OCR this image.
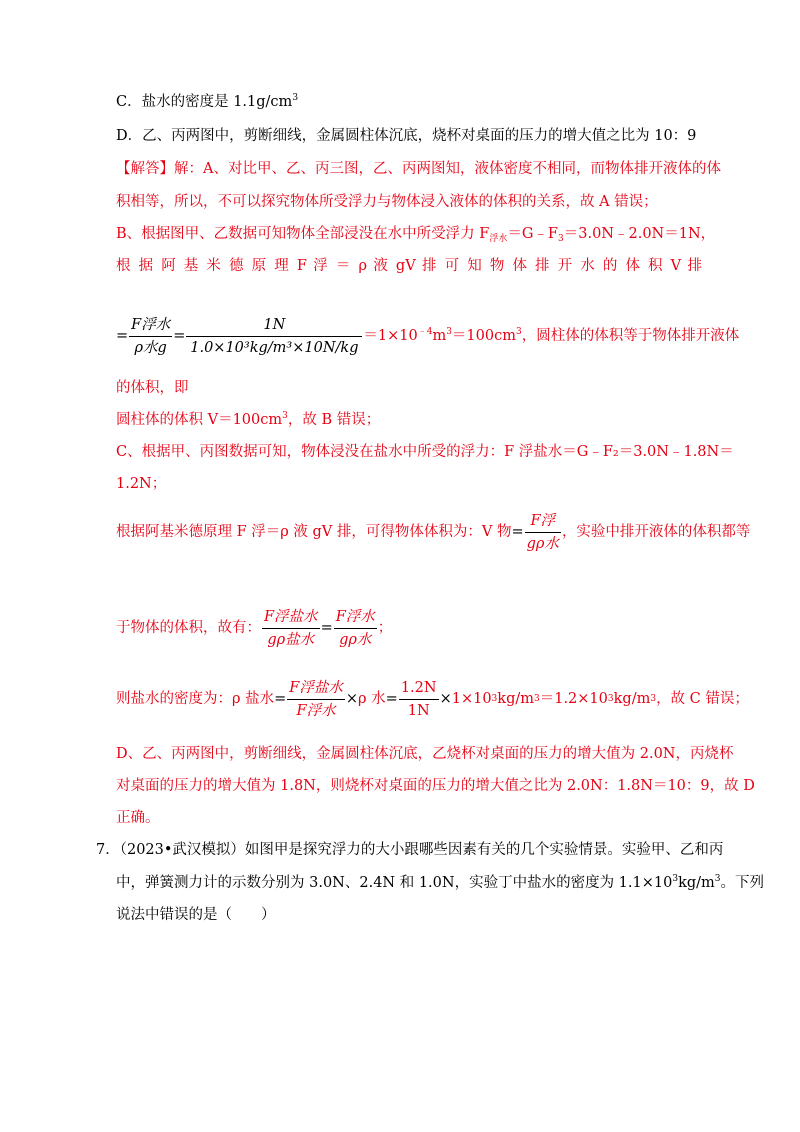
C．盐水的密度是 $1.1g/cm^3$
D．乙、丙两图中，剪断细线，金属圆柱体沉底，烧杯对桌面的压力的增大值之比为 10：9
【解答】解：A、对比甲、乙、丙三图，乙、丙两图知，液体密度不相同，而物体排开液体的体
积相等，所以，不可以探究物体所受浮力与物体浸入液体的体积的关系，故 A 错误；
B、根据图甲、乙数据可知物体全部浸没在水中所受浮力 $F_{浮水}=G﹣F_3=3.0N﹣2.0N=1N$，
根 据 阿 基 米 德 原 理 F 浮 ＝ ρ 液 gV 排 可 知 物 体 排 开 水 的 体 积 V 排
= $\frac{\text{F浮水}}{\text{ρ水g}} = \frac{1N}{\text{1.0×10³kg/m³×10N/kg}} =1\times 10^{﹣4}m^3=100cm^3$，圆柱体的体积等于物体排开液体
的体积，即
圆柱体的体积 $V=100cm^3$，故 B 错误；
C、根据甲、丙图数据可知，物体浸没在盐水中所受的浮力：F 浮盐水＝G﹣F₂＝3.0N﹣1.8N＝
1.2N；
根据阿基米德原理 F 浮＝ρ 液 gV 排，可得物体体积为：V 物 = $\frac{\text{F浮}}{\text{gρ水}}$ ，实验中排开液体的体积都等
于物体的体积，故有： $\frac{\text{F浮盐水}}{\text{gρ盐水}} = \frac{\text{F浮水}}{\text{gρ水}}$ ；
则盐水的密度为：ρ 盐水 = $\frac{\text{F浮盐水}}{\text{F浮水}} \times \rho$ 水 = $\frac{1.2N}{1N} \times 1\times 10$ 3 kg/m 3 ＝1.2×10 3 kg/m 3 ，故 C 错误；
D、乙、丙两图中，剪断细线，金属圆柱体沉底，乙烧杯对桌面的压力的增大值为 2.0N，丙烧杯
对桌面的压力的增大值为 1.8N，则烧杯对桌面的压力的增大值之比为 2.0N：1.8N＝10：9，故 D
正确。
7．（2023•武汉模拟）如图甲是探究浮力的大小跟哪些因素有关的几个实验情景。实验甲、乙和丙
中，弹簧测力计的示数分别为 3.0N、2.4N 和 1.0N，实验丁中盐水的密度为 $1.1\times 10^3kg/m^3$。下列
说法中错误的是（　　）
